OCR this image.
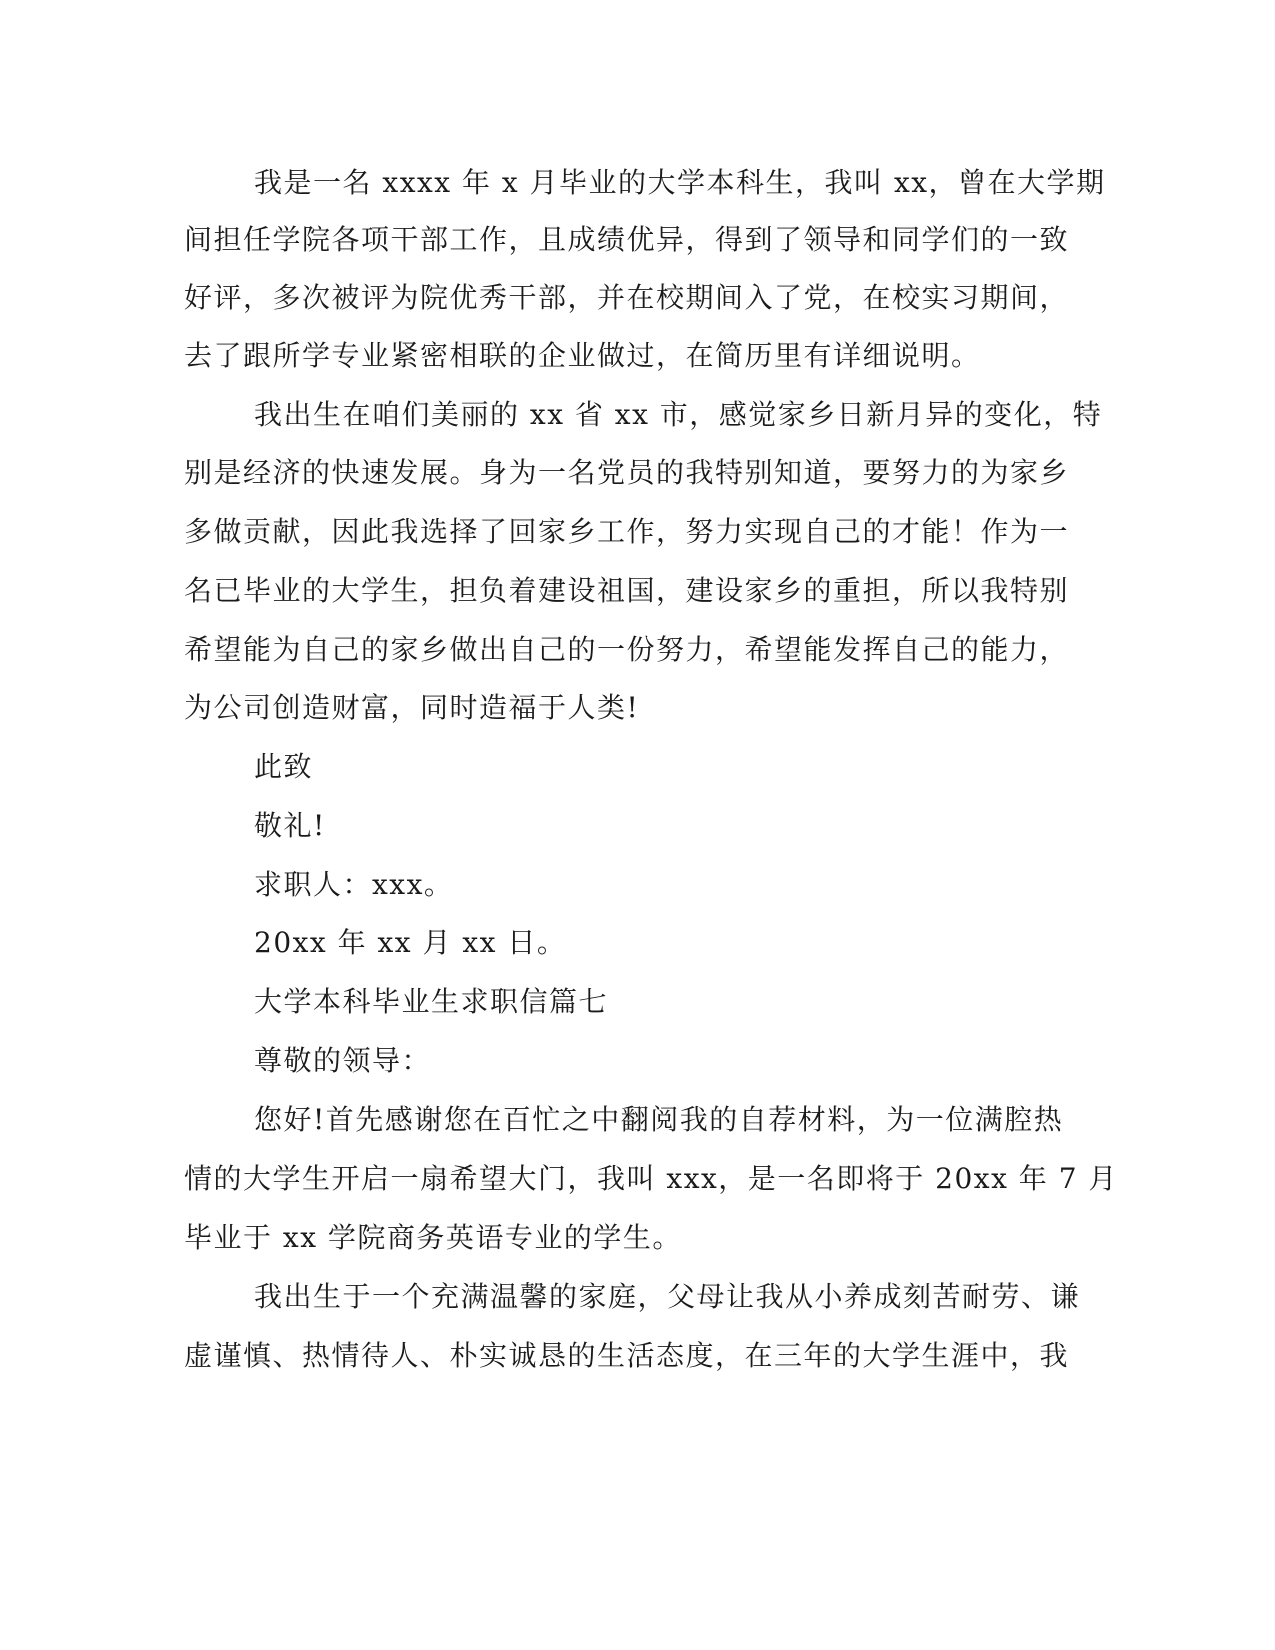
我是一名 xxxx 年 x 月毕业的大学本科生，我叫 xx，曾在大学期

间担任学院各项干部工作，且成绩优异，得到了领导和同学们的一致

好评，多次被评为院优秀干部，并在校期间入了党，在校实习期间，

去了跟所学专业紧密相联的企业做过，在简历里有详细说明。

我出生在咱们美丽的 xx 省 xx 市，感觉家乡日新月异的变化，特

别是经济的快速发展。身为一名党员的我特别知道，要努力的为家乡

多做贡献，因此我选择了回家乡工作，努力实现自己的才能！作为一

名已毕业的大学生，担负着建设祖国，建设家乡的重担，所以我特别

希望能为自己的家乡做出自己的一份努力，希望能发挥自己的能力，

为公司创造财富，同时造福于人类!

此致

敬礼!

求职人：xxx。

20xx 年 xx 月 xx 日。

大学本科毕业生求职信篇七

尊敬的领导：

您好!首先感谢您在百忙之中翻阅我的自荐材料，为一位满腔热

情的大学生开启一扇希望大门，我叫 xxx，是一名即将于 20xx 年 7 月

毕业于 xx 学院商务英语专业的学生。

我出生于一个充满温馨的家庭，父母让我从小养成刻苦耐劳、谦

虚谨慎、热情待人、朴实诚恳的生活态度，在三年的大学生涯中，我
